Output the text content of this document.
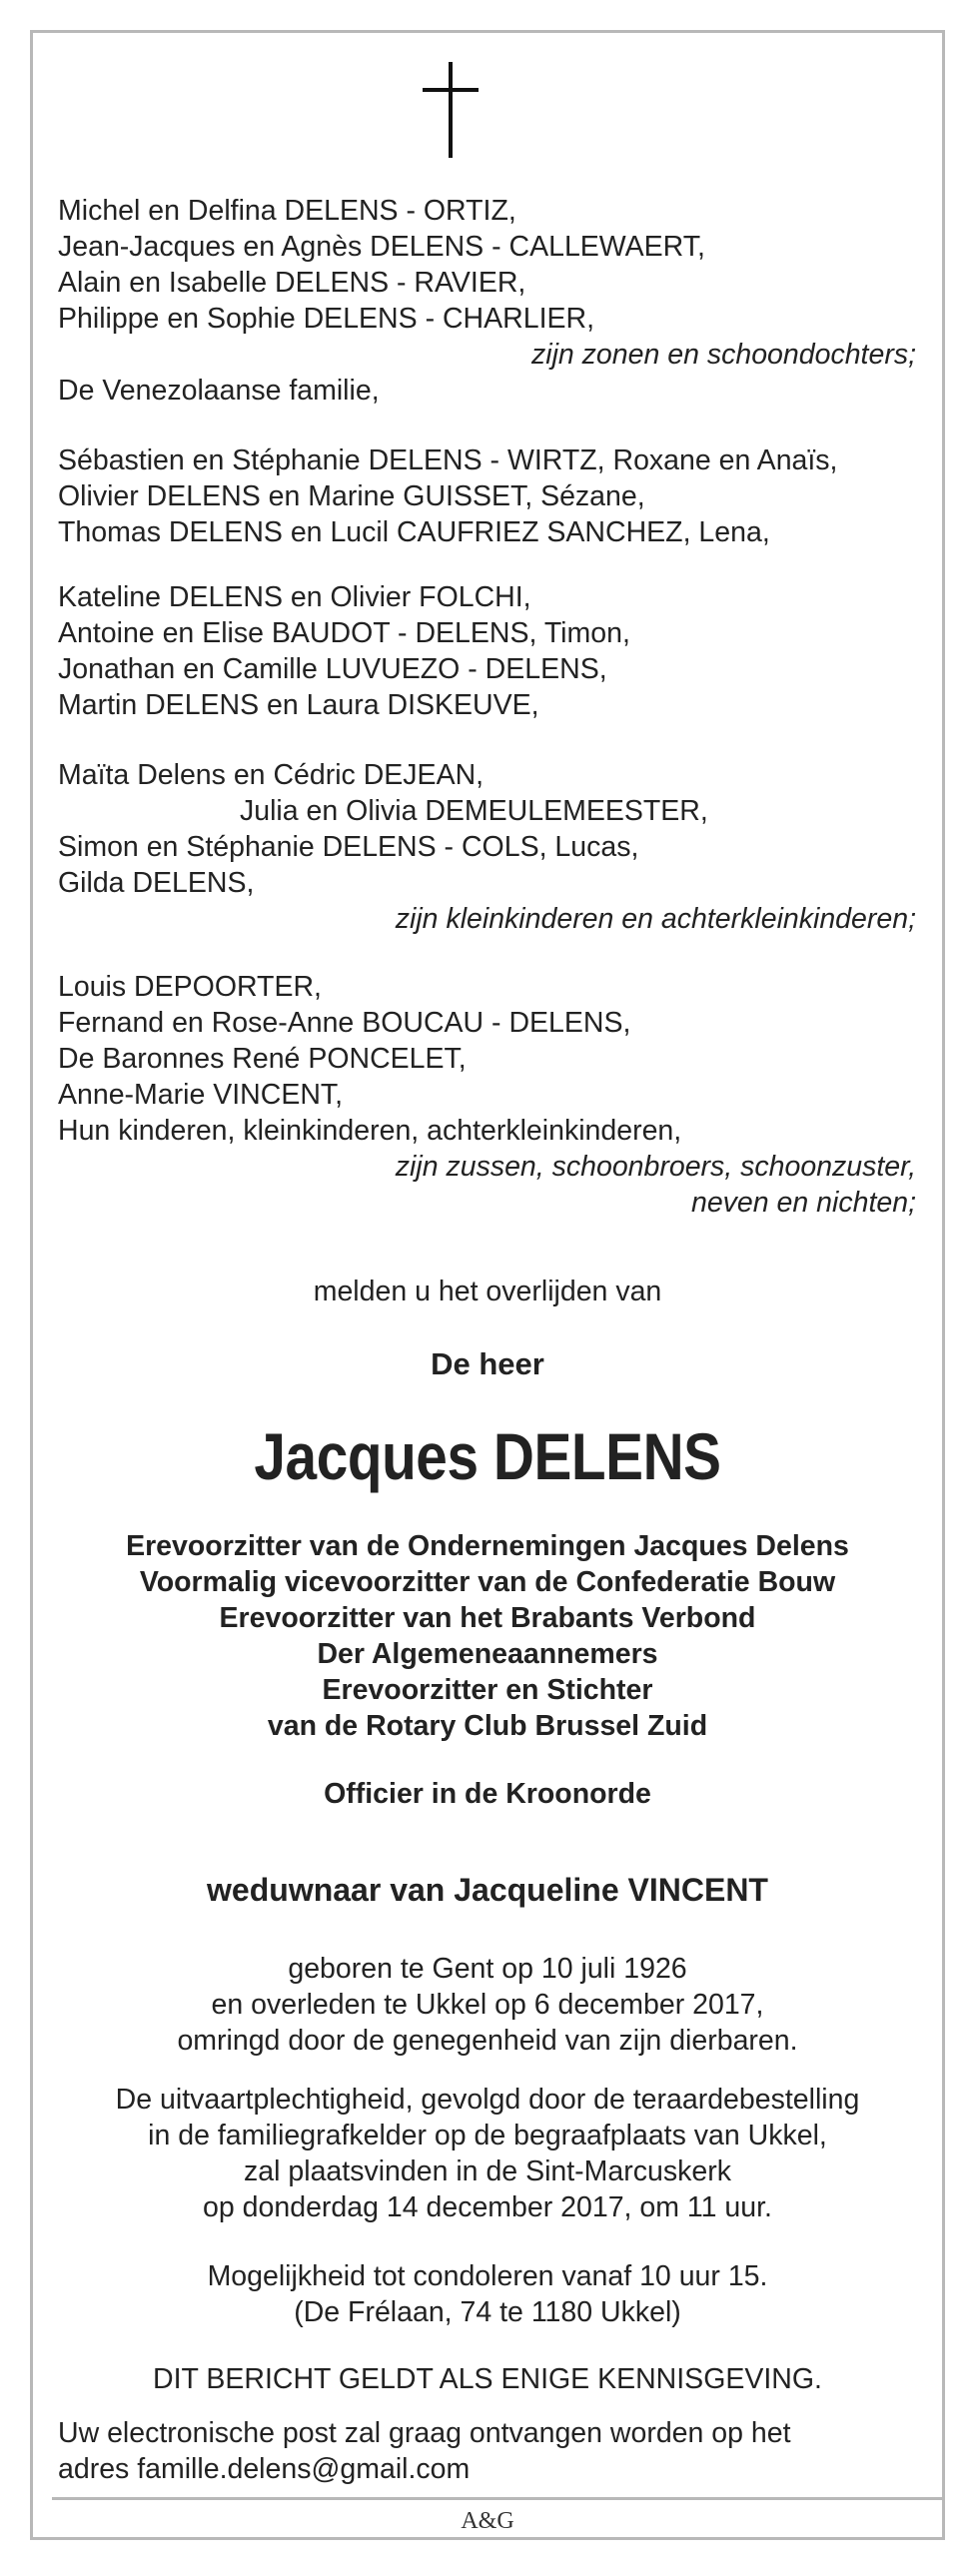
Michel en Delfina DELENS - ORTIZ,
Jean-Jacques en Agnès DELENS - CALLEWAERT,
Alain en Isabelle DELENS - RAVIER,
Philippe en Sophie DELENS - CHARLIER,
zijn zonen en schoondochters;
De Venezolaanse familie,
Sébastien en Stéphanie DELENS - WIRTZ, Roxane en Anaïs,
Olivier DELENS en Marine GUISSET, Sézane,
Thomas DELENS en Lucil CAUFRIEZ SANCHEZ, Lena,
Kateline DELENS en Olivier FOLCHI,
Antoine en Elise BAUDOT - DELENS, Timon,
Jonathan en Camille LUVUEZO - DELENS,
Martin DELENS en Laura DISKEUVE,
Maïta Delens en Cédric DEJEAN,
Julia en Olivia DEMEULEMEESTER,
Simon en Stéphanie DELENS - COLS, Lucas,
Gilda DELENS,
zijn kleinkinderen en achterkleinkinderen;
Louis DEPOORTER,
Fernand en Rose-Anne BOUCAU - DELENS,
De Baronnes René PONCELET,
Anne-Marie VINCENT,
Hun kinderen, kleinkinderen, achterkleinkinderen,
zijn zussen, schoonbroers, schoonzuster,
neven en nichten;
melden u het overlijden van
De heer
Jacques DELENS
Erevoorzitter van de Ondernemingen Jacques Delens
Voormalig vicevoorzitter van de Confederatie Bouw
Erevoorzitter van het Brabants Verbond
Der Algemeneaannemers
Erevoorzitter en Stichter
van de Rotary Club Brussel Zuid
Officier in de Kroonorde
weduwnaar van Jacqueline VINCENT
geboren te Gent op 10 juli 1926
en overleden te Ukkel op 6 december 2017,
omringd door de genegenheid van zijn dierbaren.
De uitvaartplechtigheid, gevolgd door de teraardebestelling
in de familiegrafkelder op de begraafplaats van Ukkel,
zal plaatsvinden in de Sint-Marcuskerk
op donderdag 14 december 2017, om 11 uur.
Mogelijkheid tot condoleren vanaf 10 uur 15.
(De Frélaan, 74 te 1180 Ukkel)
DIT BERICHT GELDT ALS ENIGE KENNISGEVING.
Uw electronische post zal graag ontvangen worden op het
adres famille.delens@gmail.com
A&G
